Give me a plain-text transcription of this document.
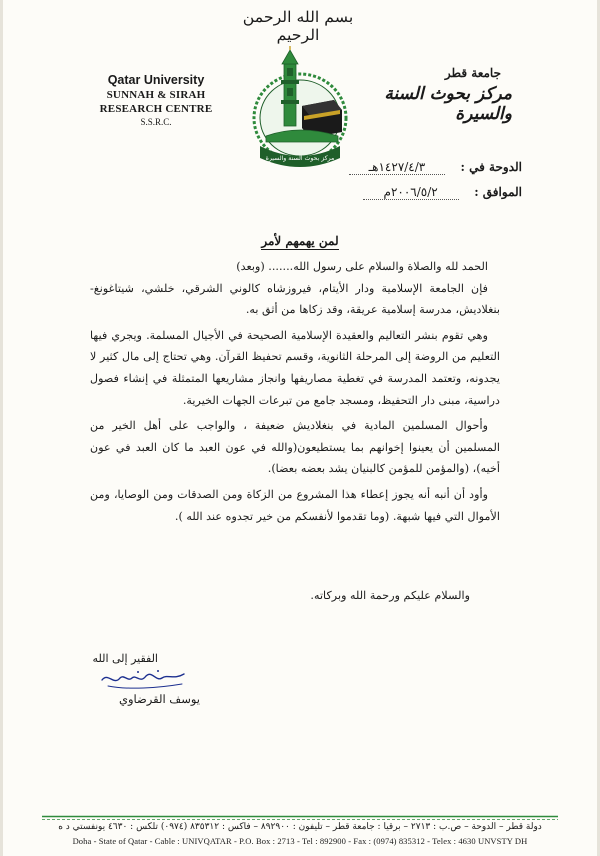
بسم الله الرحمن الرحيم
Qatar University
SUNNAH & SIRAH RESEARCH CENTRE
S.S.R.C.
جامعة قطر
مركز بحوث السنة والسيرة
مركز بحوث السنة والسيرة
الدوحة في : ١٤٢٧/٤/٣هـ
الموافق : ٢٠٠٦/٥/٢م
لمن يهمهم لأمر

الحمد لله والصلاة والسلام على رسول الله....... (وبعد)

فإن الجامعة الإسلامية ودار الأيتام، فيروزشاه كالوني الشرقي، خلشي، شيتاغونغ- بنغلاديش، مدرسة إسلامية عريقة، وقد زكاها من أثق به.

وهي تقوم بنشر التعاليم والعقيدة الإسلامية الصحيحة في الأجيال المسلمة. ويجري فيها التعليم من الروضة إلى المرحلة الثانوية، وقسم تحفيظ القرآن. وهي تحتاج إلى مال كثير لا يجدونه، وتعتمد المدرسة في تغطية مصاريفها وانجاز مشاريعها المتمثلة في إنشاء فصول دراسية، مبنى دار التحفيظ، ومسجد جامع من تبرعات الجهات الخيرية.

وأحوال المسلمين المادية في بنغلاديش ضعيفة ، والواجب على أهل الخير من المسلمين أن يعينوا إخوانهم بما يستطيعون(والله في عون العبد ما كان العبد في عون أخيه)، (والمؤمن للمؤمن كالبنيان يشد بعضه بعضا).

وأود أن أنبه أنه يجوز إعطاء هذا المشروع من الزكاة ومن الصدقات ومن الوصايا، ومن الأموال التي فيها شبهة. (وما تقدموا لأنفسكم من خير تجدوه عند الله ).

والسلام عليكم ورحمة الله وبركاته.
الفقير إلى الله
يوسف القرضاوي
دولة قطر – الدوحة – ص.ب : ٢٧١٣ – برقياً : جامعة قطر – تليفون : ٨٩٢٩٠٠ – فاكس : ٨٣٥٣١٢ (٠٩٧٤) تلكس : ٤٦٣٠ يونفستي د ه
Doha - State of Qatar - Cable : UNIVQATAR - P.O. Box : 2713 - Tel : 892900 - Fax : (0974) 835312 - Telex : 4630 UNVSTY DH
